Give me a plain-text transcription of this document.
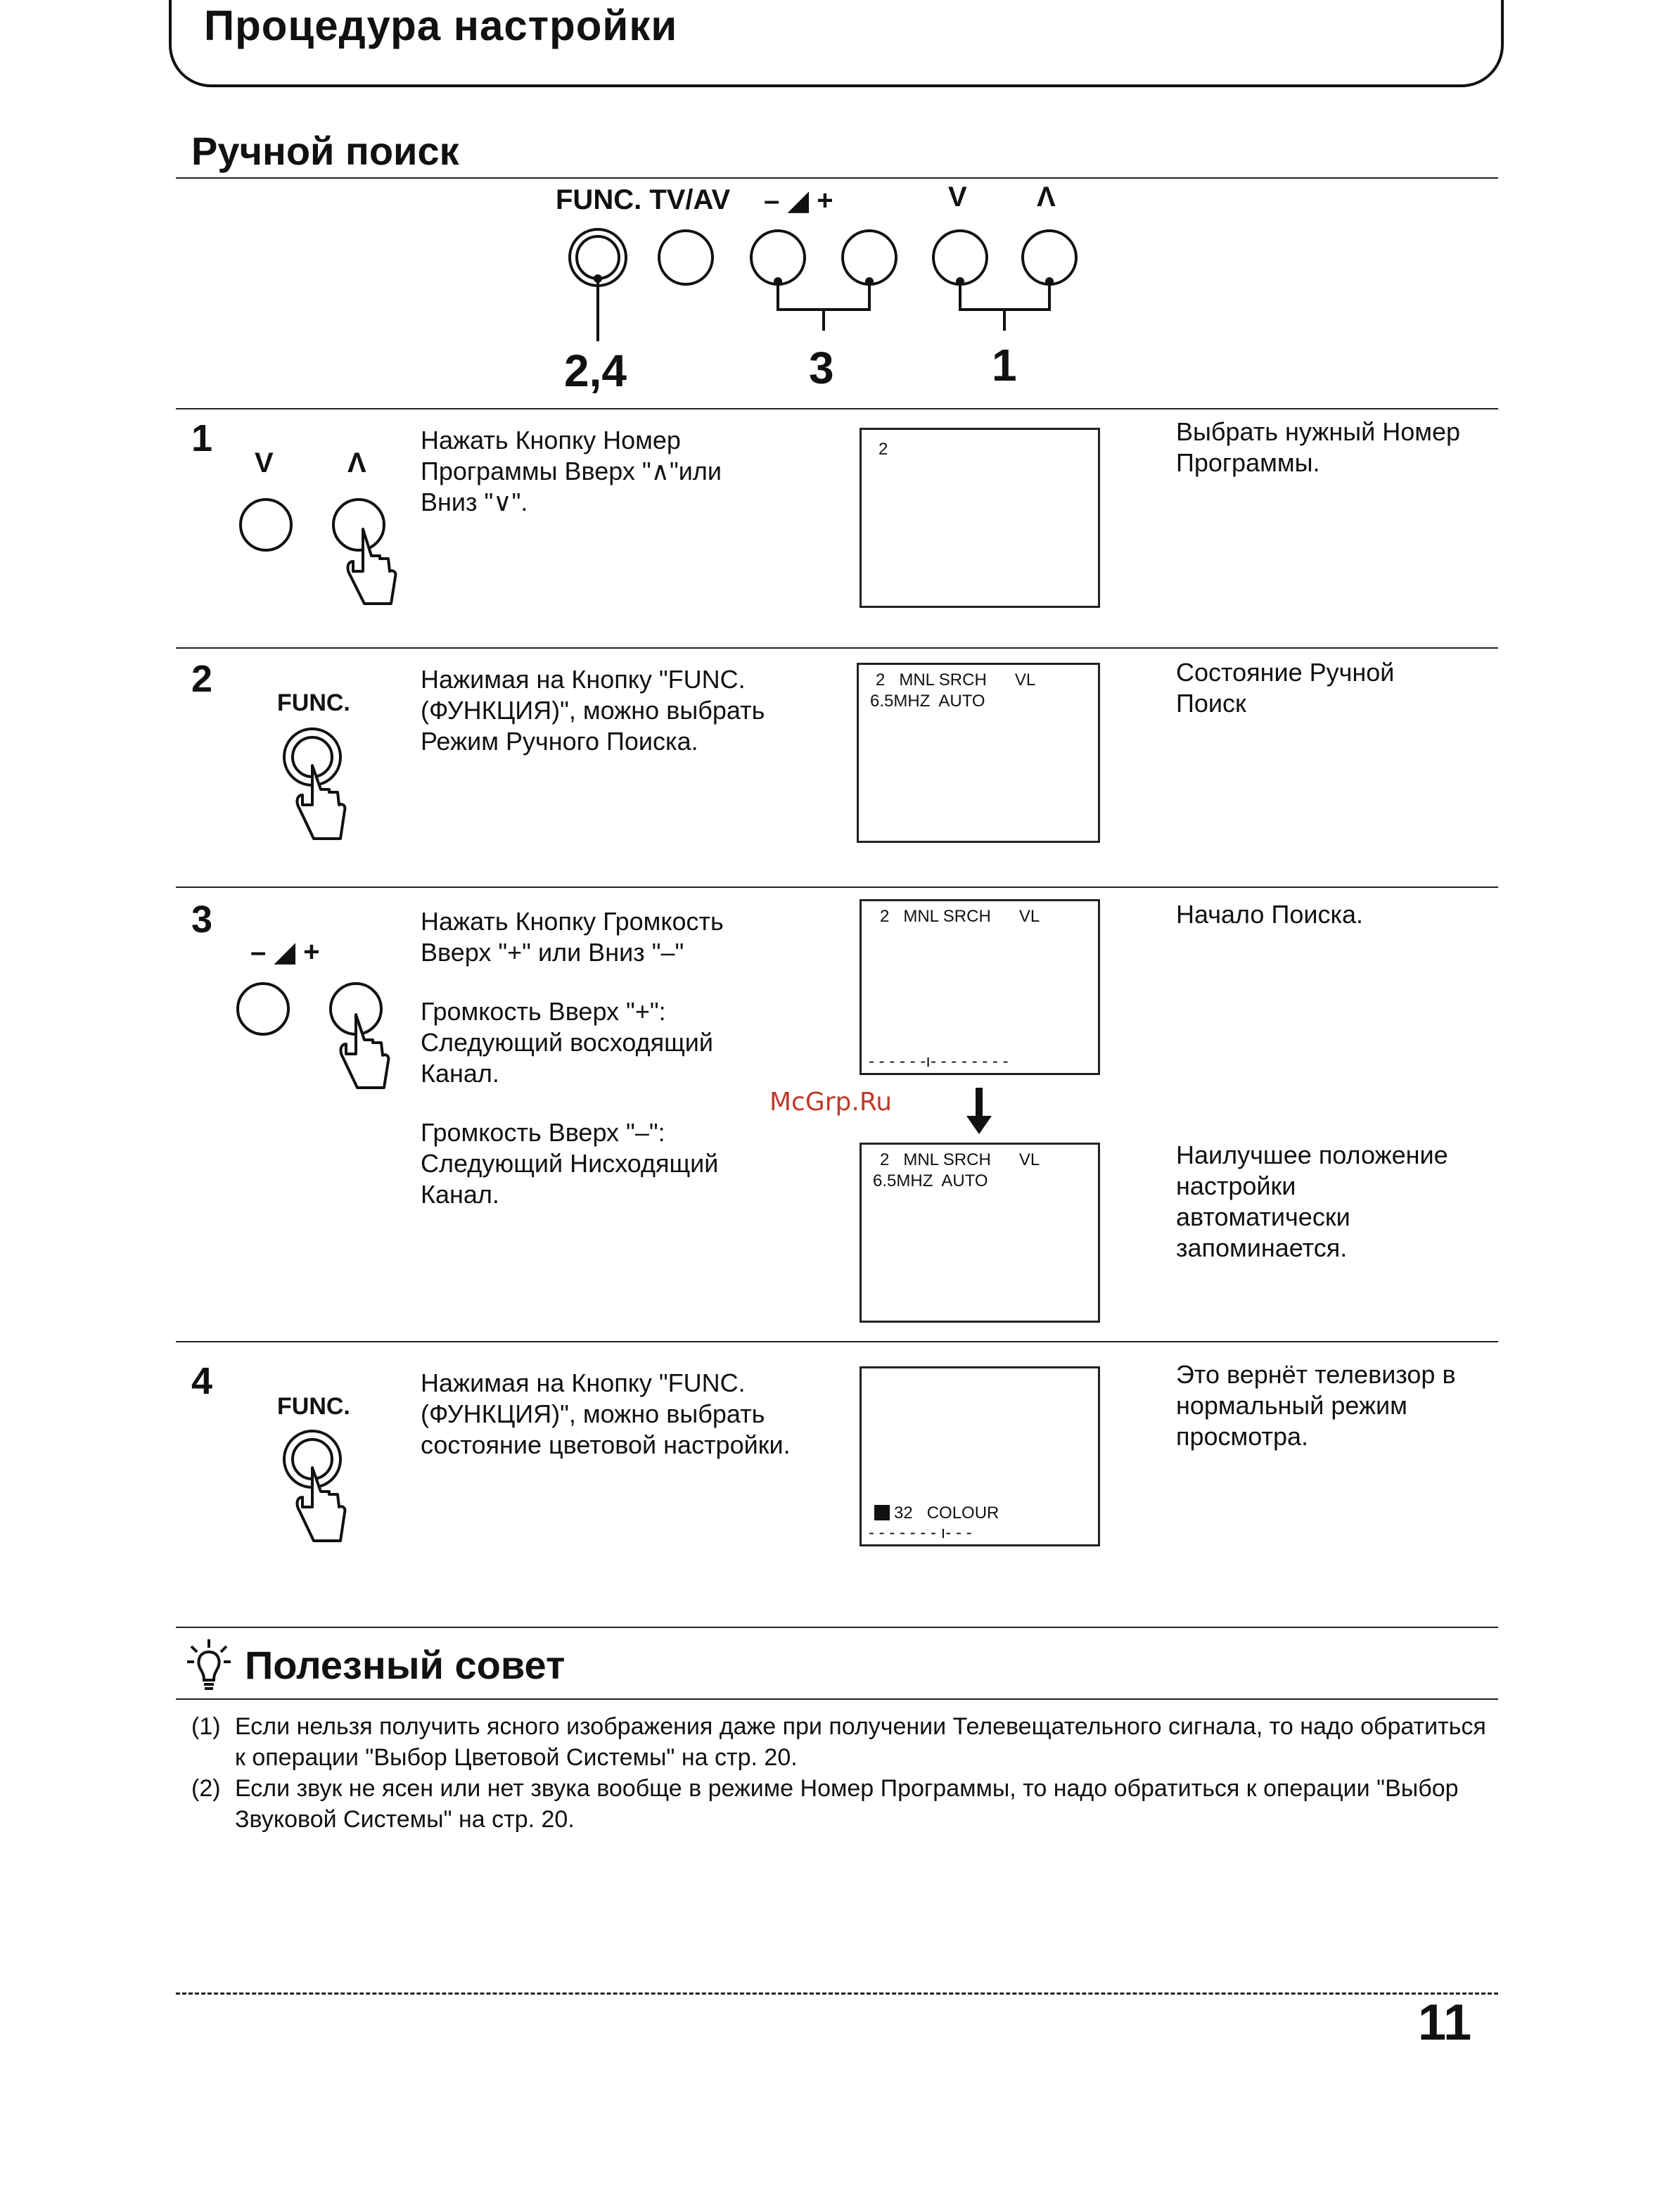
Процедура настройки
Ручной поиск
FUNC. TV/AV – ◢ +	V Λ
2,4	3	1
1
V	Λ
Нажать Кнопку Номер
Программы Вверх "∧"или
Вниз "∨".
2
Выбрать нужный Номер
Программы.
2
FUNC.
Нажимая на Кнопку "FUNC.
(ФУНКЦИЯ)", можно выбрать
Режим Ручного Поиска.
2   MNL SRCH      VL
6.5MHZ  AUTO
Состояние Ручной
Поиск
3
– ◢ +
Нажать Кнопку Громкость
Вверх "+" или Вниз "–"
Громкость Вверх "+":
Следующий восходящий
Канал.
Громкость Вверх "–":
Следующий Нисходящий
Канал.
2   MNL SRCH      VL
- - - - - -ı- - - - - - - -
McGrp.Ru
2   MNL SRCH      VL
6.5MHZ  AUTO
Начало Поиска.
Наилучшее положение
настройки
автоматически
запоминается.
4
FUNC.
Нажимая на Кнопку "FUNC.
(ФУНКЦИЯ)", можно выбрать
состояние цветовой настройки.
32   COLOUR
- - - - - - - ı- - -
Это вернёт телевизор в
нормальный режим
просмотра.
Полезный совет
(1) Если нельзя получить ясного изображения даже при получении Телевещательного сигнала, то надо обратиться к операции "Выбор Цветовой Системы" на стр. 20.
(2) Если звук не ясен или нет звука вообще в режиме Номер Программы, то надо обратиться к операции "Выбор Звуковой Системы" на стр. 20.
11
